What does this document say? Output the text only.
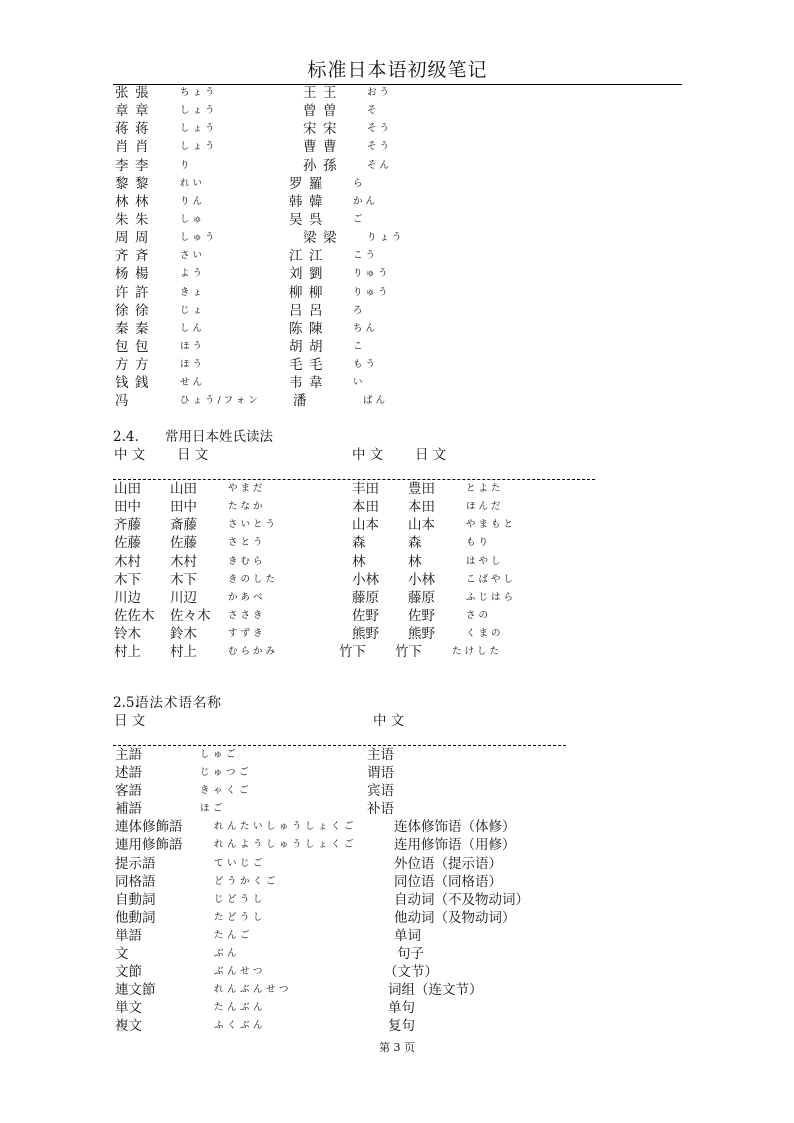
标准日本语初级笔记
张 張	ちょう	王 王	おう
章 章	しょう	曾 曽	そ
蒋 蒋	しょう	宋 宋	そう
肖 肖	しょう	曹 曹	そう
李 李	り	孙 孫	そん
黎 黎	れい	罗 羅	ら
林 林	りん	韩 韓	かん
朱 朱	しゅ	吴 呉	ご
周 周	しゅう	梁 梁	りょう
齐 斉	さい	江 江	こう
杨 楊	よう	刘 劉	りゅう
许 許	きょ	柳 柳	りゅう
徐 徐	じょ	吕 呂	ろ
秦 秦	しん	陈 陳	ちん
包 包	ほう	胡 胡	こ
方 方	ほう	毛 毛	もう
钱 銭	せん	韦 韋	い
冯	ひょう/フォン 潘	ぱん
2.4. 常用日本姓氏读法
中 文 日 文	中 文 日 文
山田 山田	やまだ	丰田 豊田	とよた
田中 田中	たなか	本田 本田	ほんだ
齐藤 斎藤	さいとう	山本 山本	やまもと
佐藤 佐藤	さとう	森	森	もり
木村 木村	きむら	林	林	はやし
木下 木下	きのした	小林 小林	こばやし
川边 川辺	かあべ	藤原 藤原	ふじはら
佐佐木 佐々木 ささき	佐野 佐野	さの
铃木 鈴木	すずき	熊野 熊野	くまの
村上 村上	むらかみ	竹下 竹下	たけした
2.5.
语法术语名称
日 文	中 文
主語	しゅご	主语
述語	じゅつご	谓语
客語	きゃくご	宾语
補語	ほご	补语
連体修飾語	れんたいしゅうしょくご	连体修饰语（体修）
連用修飾語	れんようしゅうしょくご	连用修饰语（用修）
提示語	ていじご	外位语（提示语）
同格語	どうかくご	同位语（同格语）
自動詞	じどうし	自动词（不及物动词）
他動詞	たどうし	他动词（及物动词）
単語	たんご	单词
文	ぶん	句子
文節	ぶんせつ	（文节）
連文節	れんぶんせつ	词组（连文节）
単文	たんぶん	单句
複文	ふくぶん	复句
第 3 页
